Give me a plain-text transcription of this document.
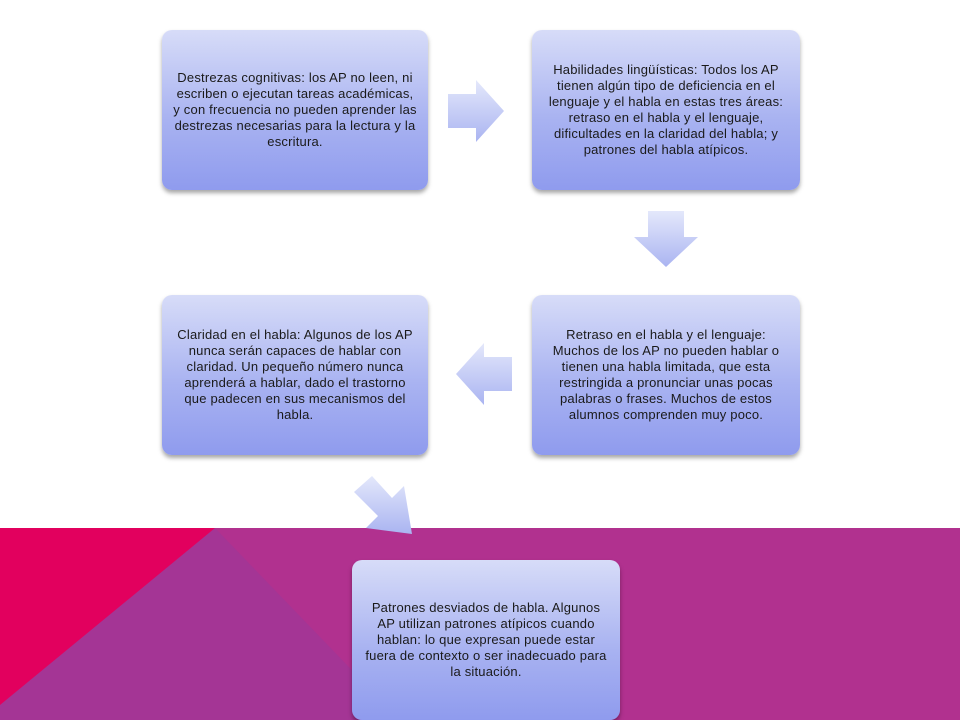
Destrezas cognitivas: los AP no leen, ni escriben o ejecutan tareas académicas, y con frecuencia no pueden aprender las destrezas necesarias para la lectura y la escritura.
Habilidades lingüísticas: Todos los AP tienen algún tipo de deficiencia en el lenguaje y el habla en estas tres áreas: retraso en el habla y el lenguaje, dificultades en la claridad del habla; y patrones del habla atípicos.
Retraso en el habla y el lenguaje: Muchos de los AP no pueden hablar o tienen una habla limitada, que esta restringida a pronunciar unas pocas palabras o frases. Muchos de estos alumnos comprenden muy poco.
Claridad en el habla: Algunos de los AP nunca serán capaces de hablar con claridad. Un pequeño número nunca aprenderá a hablar, dado el trastorno que padecen en sus mecanismos del habla.
Patrones desviados de habla. Algunos AP utilizan patrones atípicos cuando hablan: lo que expresan puede estar fuera de contexto o ser inadecuado para la situación.
